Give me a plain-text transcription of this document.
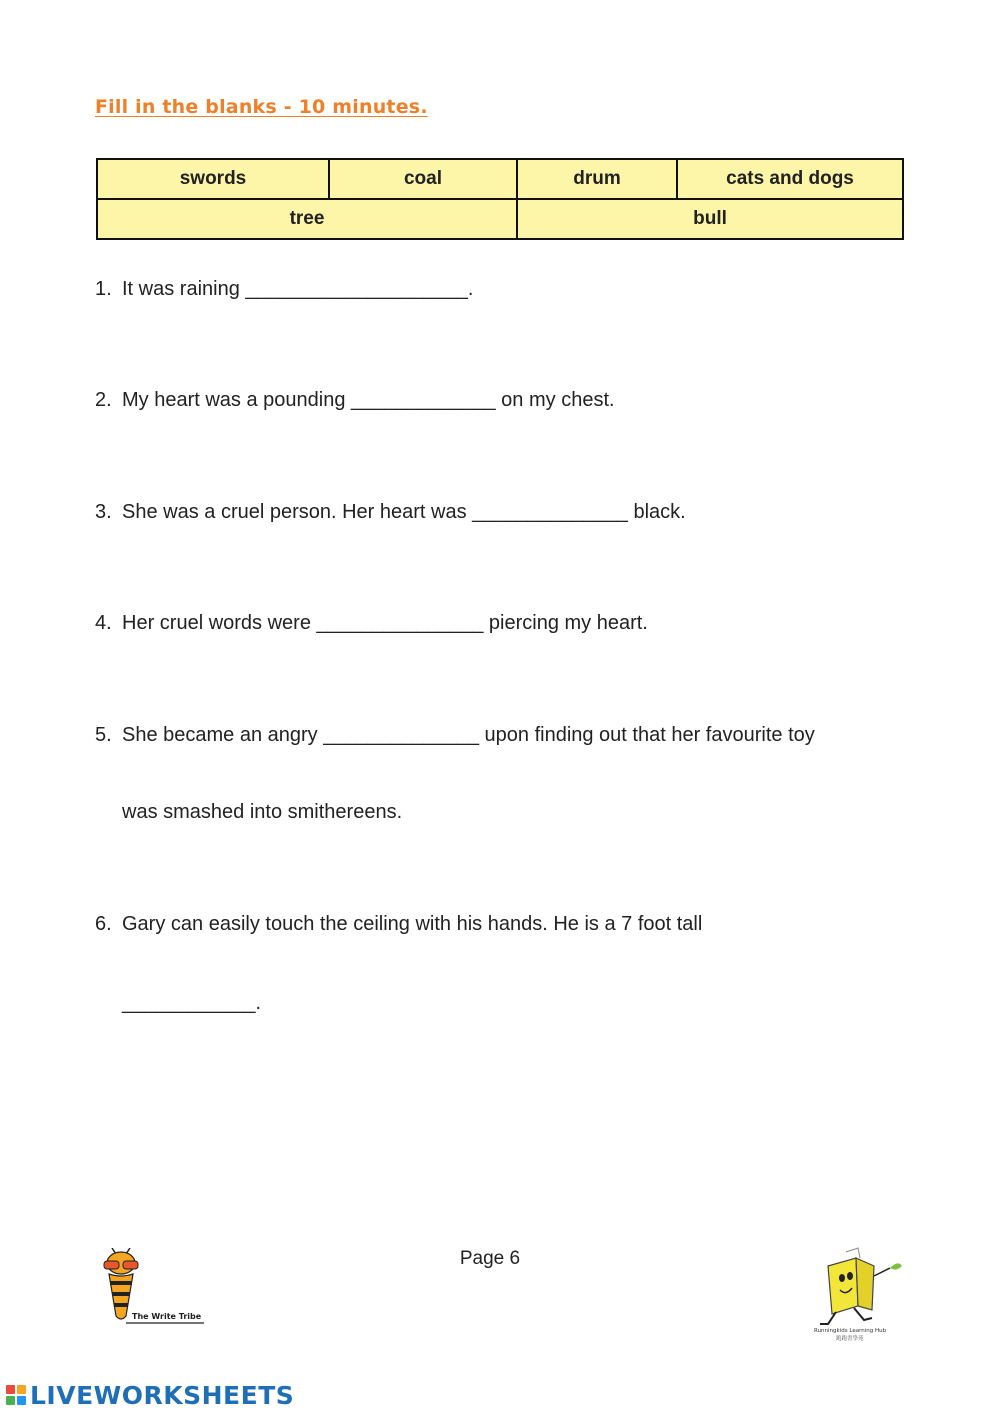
Fill in the blanks - 10 minutes.
swords	coal	drum	cats and dogs
tree		bull	
1. It was raining ____________________.
2. My heart was a pounding _____________ on my chest.
3. She was a cruel person. Her heart was ______________ black.
4. Her cruel words were _______________ piercing my heart.
5. She became an angry ______________ upon finding out that her favourite toy
was smashed into smithereens.
6. Gary can easily touch the ceiling with his hands. He is a 7 foot tall
____________.
Page 6
The Write Tribe
Runningkids Learning Hub
跑跑書學苑
LIVEWORKSHEETS
